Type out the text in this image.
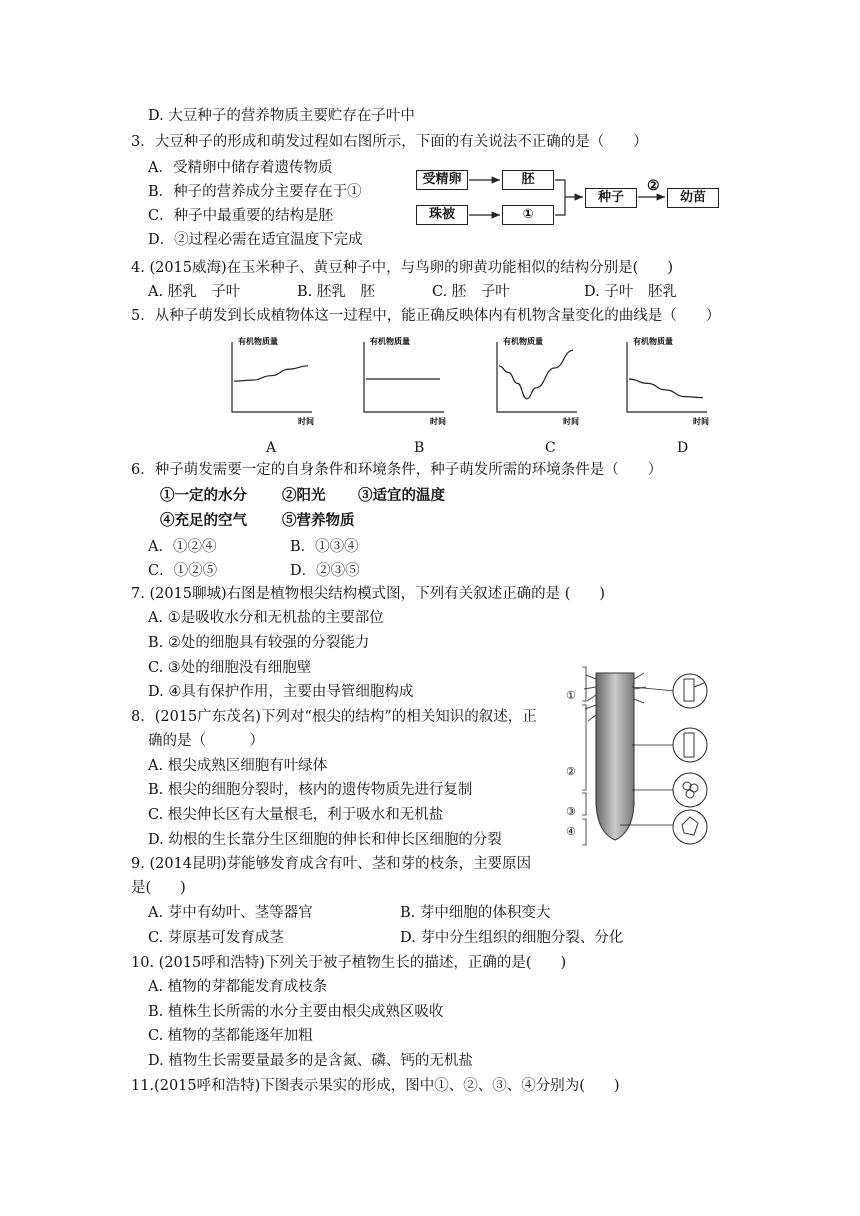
D. 大豆种子的营养物质主要贮存在子叶中
3．大豆种子的形成和萌发过程如右图所示，下面的有关说法不正确的是（　　）
A．受精卵中储存着遗传物质
B．种子的营养成分主要存在于①
C．种子中最重要的结构是胚
D．②过程必需在适宜温度下完成
受精卵	胚
珠被	①
种子	幼苗
②
4. (2015威海)在玉米种子、黄豆种子中，与鸟卵的卵黄功能相似的结构分别是(　　)
A. 胚乳　子叶	B. 胚乳　胚	C. 胚　子叶	D. 子叶　胚乳
5．从种子萌发到长成植物体这一过程中，能正确反映体内有机物含量变化的曲线是（　　）
有机物质量
时间
有机物质量
时间
有机物质量
时间
有机物质量
时间
A	B	C	D
6．种子萌发需要一定的自身条件和环境条件，种子萌发所需的环境条件是（　　）
①一定的水分 ②阳光 ③适宜的温度
④充足的空气 ⑤营养物质
A．①②④	B．①③④
C．①②⑤	D．②③⑤
7. (2015聊城)右图是植物根尖结构模式图，下列有关叙述正确的是 (　　)
A. ①是吸收水分和无机盐的主要部位
B. ②处的细胞具有较强的分裂能力
C. ③处的细胞没有细胞壁
D. ④具有保护作用，主要由导管细胞构成	①
②
③
④
8．(2015广东茂名)下列对“根尖的结构”的相关知识的叙述，正
确的是（　　　）
A. 根尖成熟区细胞有叶绿体
B. 根尖的细胞分裂时，核内的遗传物质先进行复制
C. 根尖伸长区有大量根毛，利于吸水和无机盐
D. 幼根的生长靠分生区细胞的伸长和伸长区细胞的分裂
9. (2014昆明)芽能够发育成含有叶、茎和芽的枝条，主要原因
是(　　)
A. 芽中有幼叶、茎等器官	B. 芽中细胞的体积变大
C. 芽原基可发育成茎	D. 芽中分生组织的细胞分裂、分化
10. (2015呼和浩特)下列关于被子植物生长的描述，正确的是(　　)
A. 植物的芽都能发育成枝条
B. 植株生长所需的水分主要由根尖成熟区吸收
C. 植物的茎都能逐年加粗
D. 植物生长需要量最多的是含氮、磷、钙的无机盐
11.(2015呼和浩特)下图表示果实的形成，图中①、②、③、④分别为(　　)
